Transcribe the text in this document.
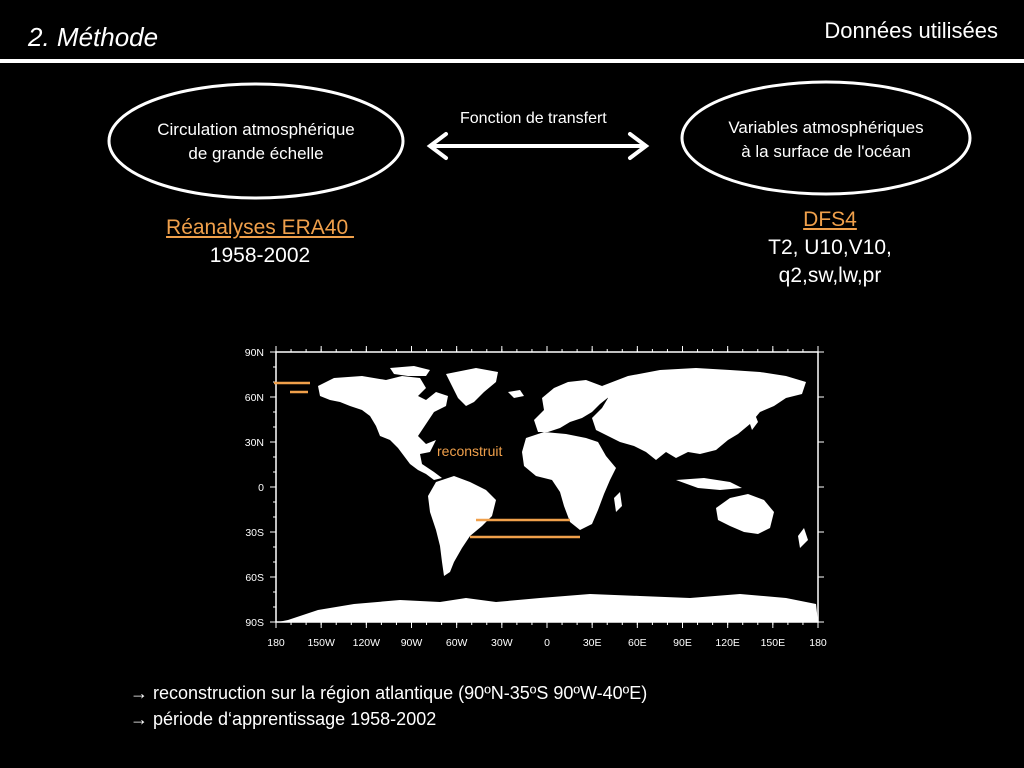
2. Méthode	Données utilisées
Circulation atmosphérique
de grande échelle
Variables atmosphériques
à la surface de l'océan
Fonction de transfert
Réanalyses ERA40
1958-2002
DFS4
T2, U10,V10,
q2,sw,lw,pr
90N
60N
30N
0
30S
60S
90S
180 150W 120W 90W 60W 30W	0	30E	60E	90E 120E 150E 180
reconstruit
→ reconstruction sur la région atlantique (90ºN-35ºS 90ºW-40ºE)
→ période d‘apprentissage 1958-2002
